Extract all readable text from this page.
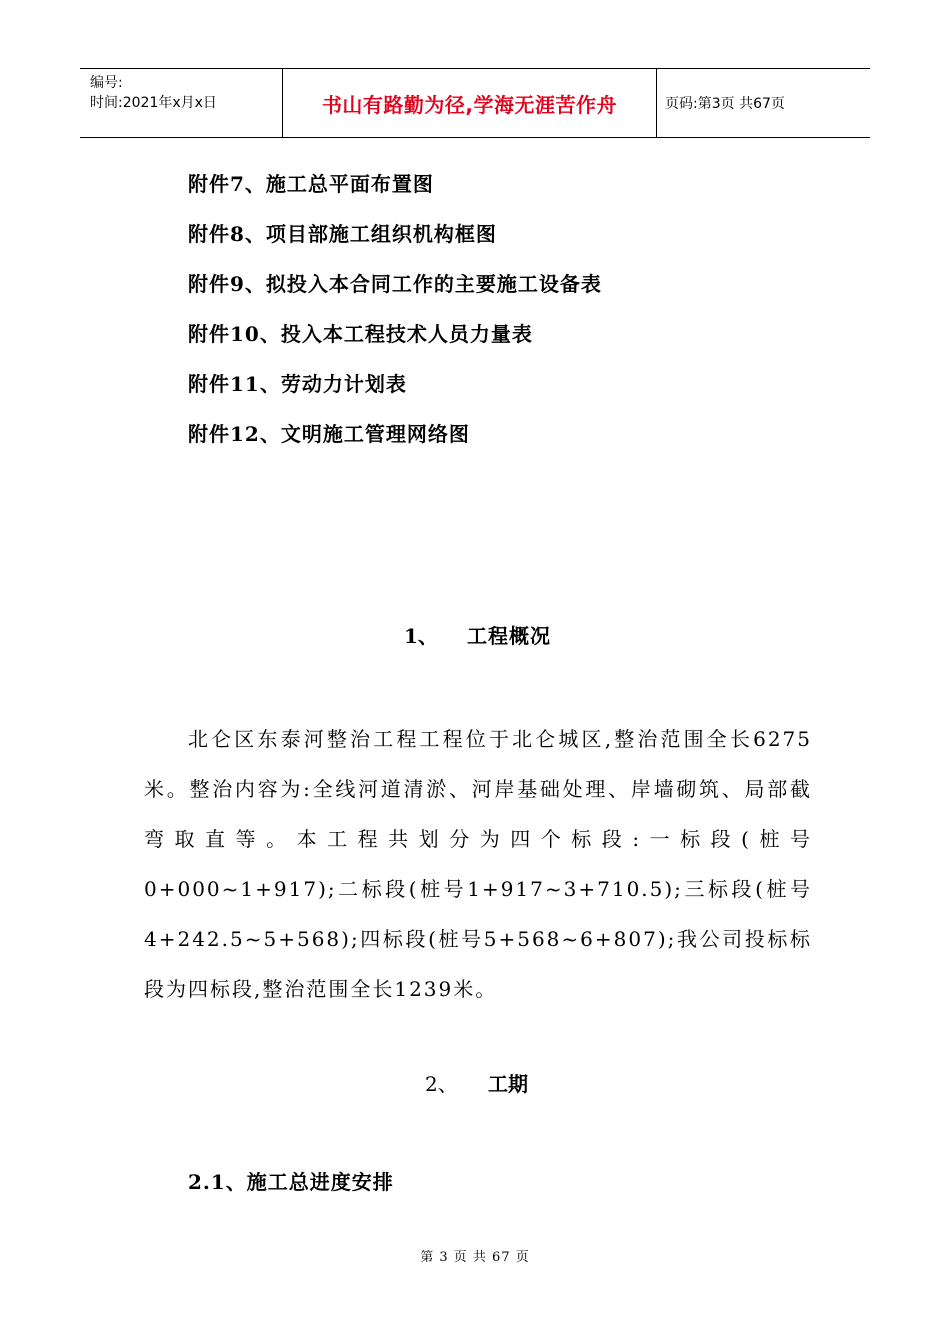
编号:
时间:2021年x月x日	书山有路勤为径,学海无涯苦作舟	页码:第3页 共67页
附件7、施工总平面布置图
附件8、项目部施工组织机构框图
附件9、拟投入本合同工作的主要施工设备表
附件10、投入本工程技术人员力量表
附件11、劳动力计划表
附件12、文明施工管理网络图
1、 工程概况

北仑区东泰河整治工程工程位于北仑城区,整治范围全长6275米。整治内容为:全线河道清淤、河岸基础处理、岸墙砌筑、局部截弯取直等。本工程共划分为四个标段:一标段(桩号0+000~1+917);二标段(桩号1+917~3+710.5);三标段(桩号4+242.5~5+568);四标段(桩号5+568~6+807);我公司投标标段为四标段,整治范围全长1239米。

2、 工期
2.1、施工总进度安排
第 3 页 共 67 页
